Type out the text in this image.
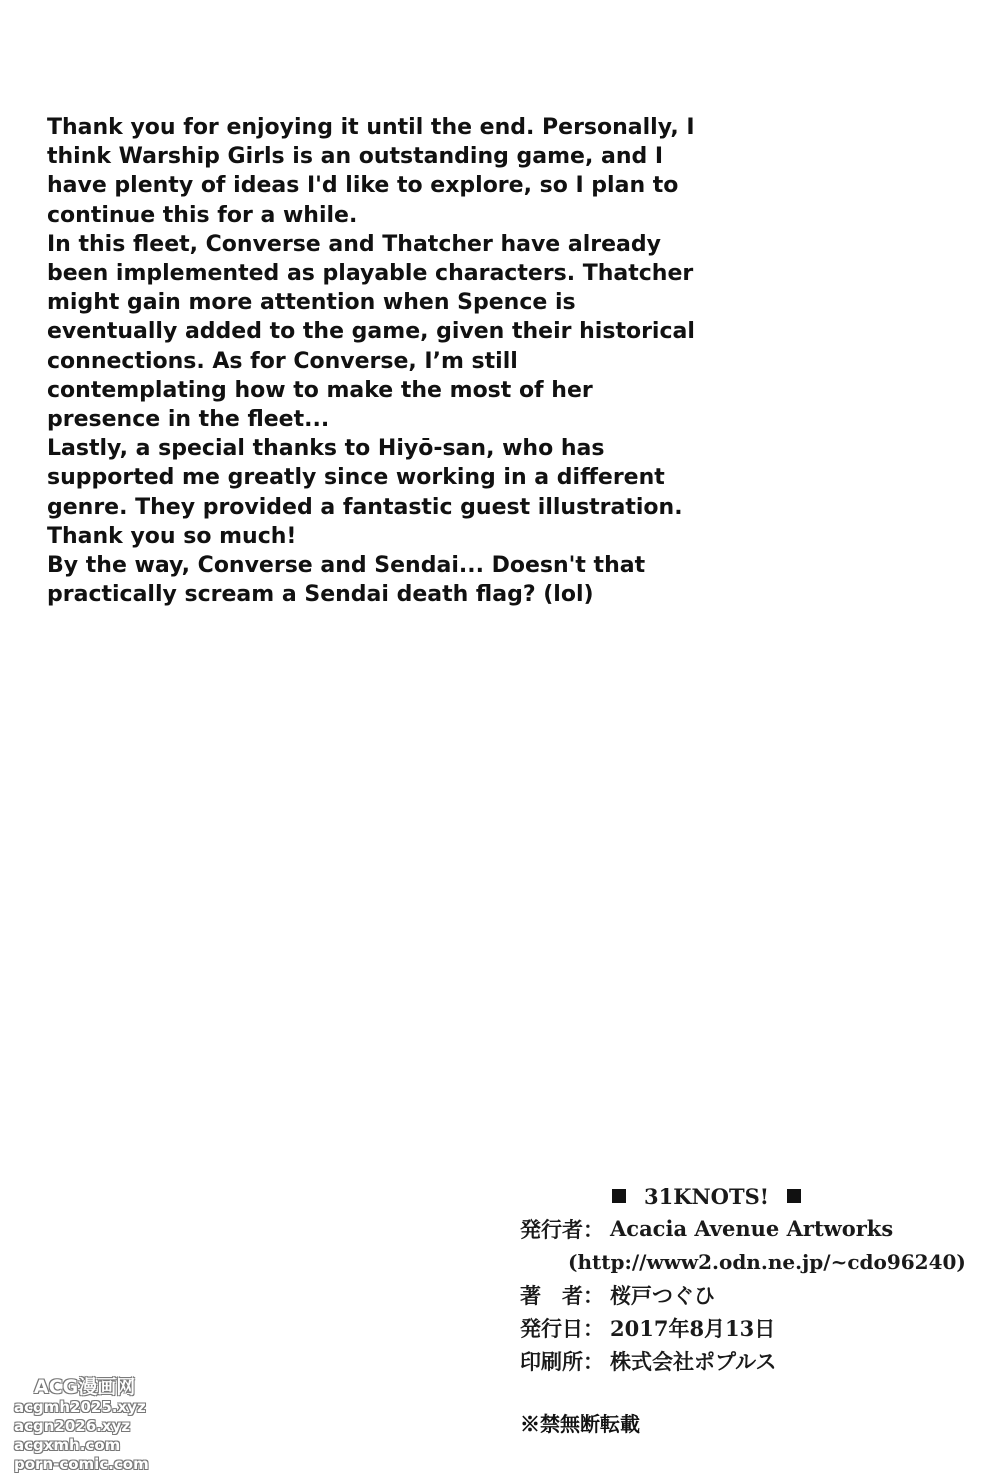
Thank you for enjoying it until the end. Personally, I
think Warship Girls is an outstanding game, and I
have plenty of ideas I'd like to explore, so I plan to
continue this for a while.
In this fleet, Converse and Thatcher have already
been implemented as playable characters. Thatcher
might gain more attention when Spence is
eventually added to the game, given their historical
connections. As for Converse, I’m still
contemplating how to make the most of her
presence in the fleet...
Lastly, a special thanks to Hiyō-san, who has
supported me greatly since working in a different
genre. They provided a fantastic guest illustration.
Thank you so much!
By the way, Converse and Sendai... Doesn't that
practically scream a Sendai death flag? (lol)
31KNOTS!
発行者： Acacia Avenue Artworks
(http://www2.odn.ne.jp/~cdo96240)
著　者： 桜戸つぐひ
発行日： 2017年8月13日
印刷所： 株式会社ポプルス
※禁無断転載
ACG漫画网
acgmh2025.xyz
acgn2026.xyz
acgxmh.com
porn-comic.com
